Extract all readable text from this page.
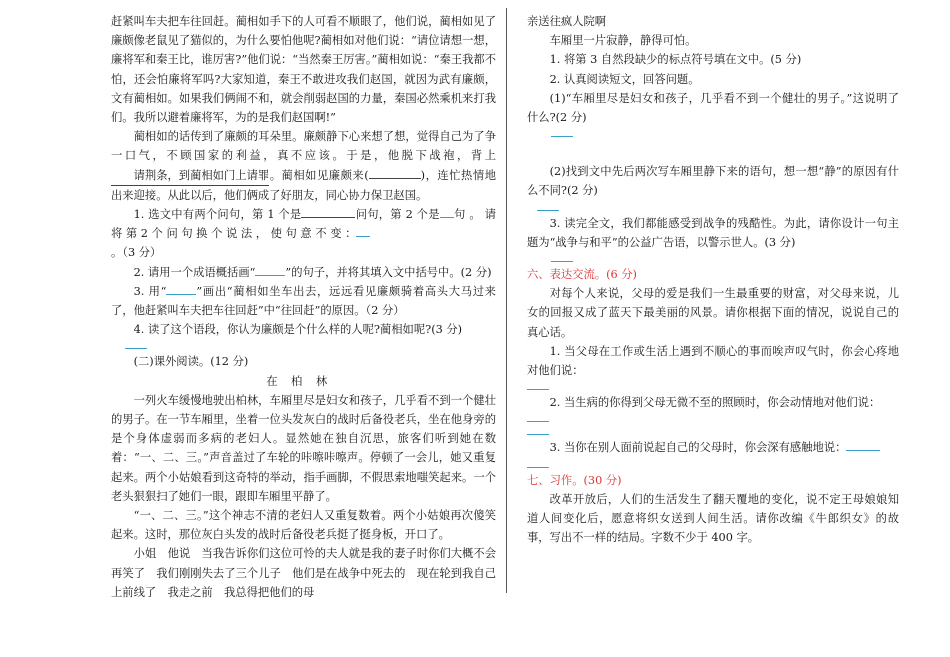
赶紧叫车夫把车往回赶。蔺相如手下的人可看不顺眼了，他们说，蔺相如见了廉颇像老鼠见了猫似的，为什么要怕他呢?蔺相如对他们说：“请位请想一想，廉将军和秦王比，谁厉害?”他们说：“当然秦王厉害。”蔺相如说：“秦王我都不怕，还会怕廉将军吗?大家知道，秦王不敢进攻我们赵国，就因为武有廉颇，文有蔺相如。如果我们俩闹不和，就会削弱赵国的力量，秦国必然乘机来打我们。我所以避着廉将军，为的是我们赵国啊!”

蔺相如的话传到了廉颇的耳朵里。廉颇静下心来想了想，觉得自己为了争一口气，不顾国家的利益，真不应该。于是，他脱下战袍，背上请荆条，到蔺相如门上请罪。蔺相如见廉颇来(	)，连忙热情地出来迎接。从此以后，他们俩成了好朋友，同心协力保卫赵国。

1. 选文中有两个问句，第 1 个是	问句，第 2 个是 句 。 请 将 第 2 个 问 句 换 个 说 法 ， 使 句 意 不 变 ：
。（3 分）

2. 请用一个成语概括画“	”的句子，并将其填入文中括号中。(2 分)

3. 用“	”画出“蔺相如坐车出去，远远看见廉颇骑着高头大马过来了，他赶紧叫车夫把车往回赶”中“往回赶”的原因。（2 分）

4. 读了这个语段，你认为廉颇是个什么样的人呢?蔺相如呢?(3 分)

(二)课外阅读。(12 分)

在柏林

一列火车缓慢地驶出柏林，车厢里尽是妇女和孩子，几乎看不到一个健壮的男子。在一节车厢里，坐着一位头发灰白的战时后备役老兵，坐在他身旁的是个身体虚弱而多病的老妇人。显然她在独自沉思，旅客们听到她在数着：“一、二、三。”声音盖过了车轮的咔嚓咔嚓声。停顿了一会儿，她又重复起来。两个小姑娘看到这奇特的举动，指手画脚，不假思索地嗤笑起来。一个老头狠狠扫了她们一眼，跟即车厢里平静了。

“一、二、三。”这个神志不清的老妇人又重复数着。两个小姑娘再次傻笑起来。这时，那位灰白头发的战时后备役老兵挺了挺身板，开口了。

小姐　他说　当我告诉你们这位可怜的夫人就是我的妻子时你们大概不会再笑了　我们刚刚失去了三个儿子　他们是在战争中死去的　现在轮到我自己上前线了　我走之前　我总得把他们的母

亲送往疯人院啊

车厢里一片寂静，静得可怕。

1. 将第 3 自然段缺少的标点符号填在文中。(5 分)

2. 认真阅读短文，回答问题。

(1)“车厢里尽是妇女和孩子，几乎看不到一个健壮的男子。”这说明了什么?(2 分)

(2)找到文中先后两次写车厢里静下来的语句，想一想“静”的原因有什么不同?(2 分)

3. 读完全文，我们都能感受到战争的残酷性。为此，请你设计一句主题为“战争与和平”的公益广告语，以警示世人。(3 分)

六、表达交流。(6 分)

对每个人来说，父母的爱是我们一生最重要的财富，对父母来说，儿女的回报又成了蓝天下最美丽的风景。请你根据下面的情况，说说自己的真心话。

1. 当父母在工作或生活上遇到不顺心的事而唉声叹气时，你会心疼地对他们说：

2. 当生病的你得到父母无微不至的照顾时，你会动情地对他们说：

3. 当你在别人面前说起自己的父母时，你会深有感触地说：

七、习作。(30 分)

改革开放后，人们的生活发生了翻天覆地的变化，说不定王母娘娘知道人间变化后，愿意将织女送到人间生活。请你改编《牛郎织女》的故事，写出不一样的结局。字数不少于 400 字。
